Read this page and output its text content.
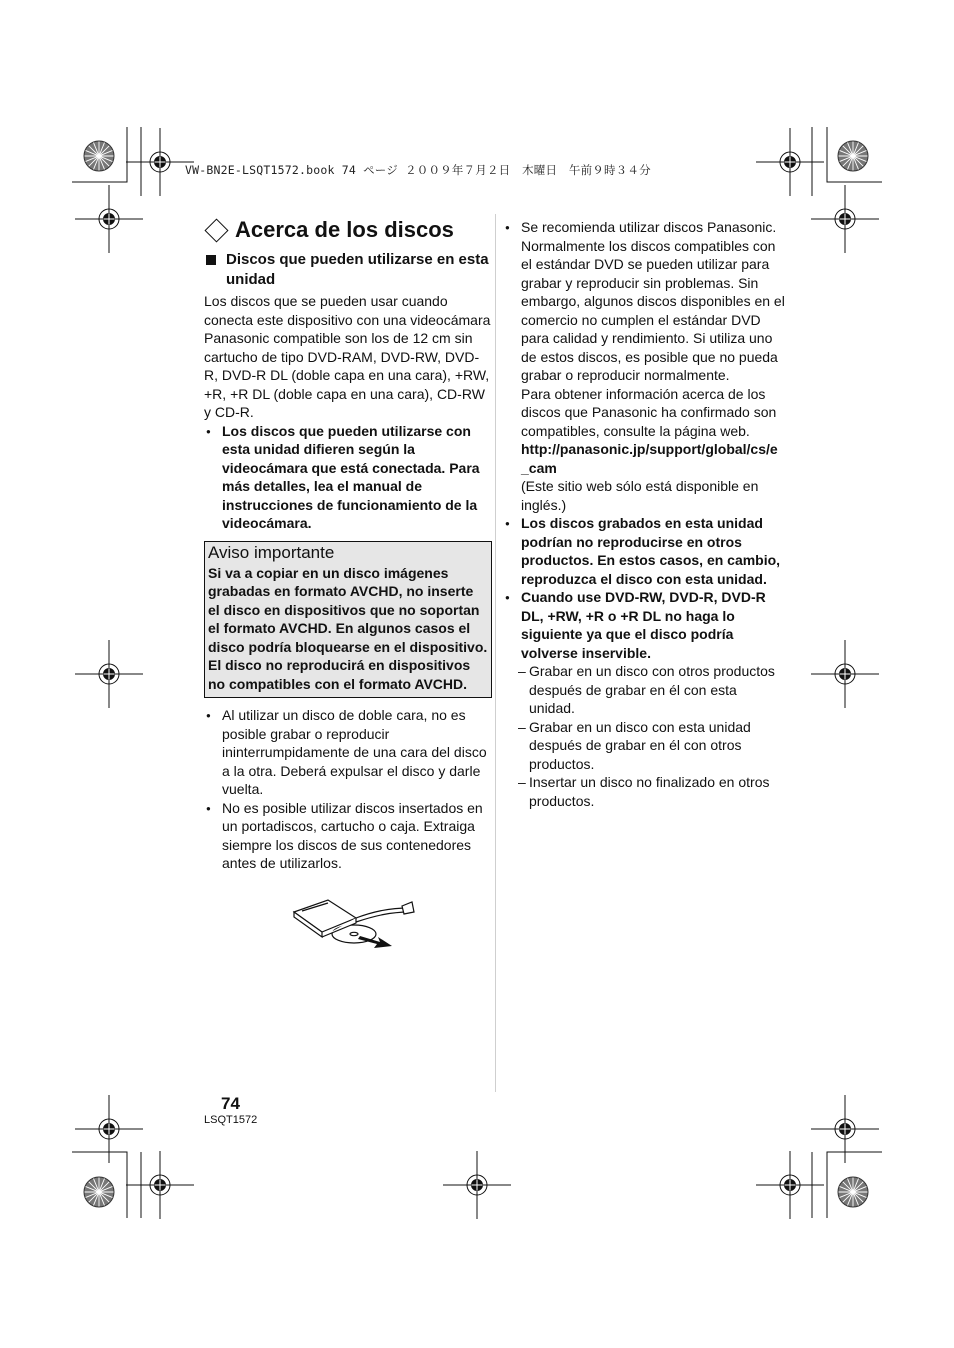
VW-BN2E-LSQT1572.book 74 ページ ２００９年７月２日　木曜日　午前９時３４分
Acerca de los discos
Discos que pueden utilizarse en esta unidad

Los discos que se pueden usar cuando conecta este dispositivo con una videocámara Panasonic compatible son los de 12 cm sin cartucho de tipo DVD-RAM, DVD-RW, DVD-R, DVD-R DL (doble capa en una cara), +RW, +R, +R DL (doble capa en una cara), CD-RW y CD-R.

●
Los discos que pueden utilizarse con esta unidad difieren según la videocámara que está conectada. Para más detalles, lea el manual de instrucciones de funcionamiento de la videocámara.
Aviso importante
Si va a copiar en un disco imágenes grabadas en formato AVCHD, no inserte el disco en dispositivos que no soportan el formato AVCHD. En algunos casos el disco podría bloquearse en el dispositivo. El disco no reproducirá en dispositivos no compatibles con el formato AVCHD.
●
Al utilizar un disco de doble cara, no es posible grabar o reproducir ininterrumpidamente de una cara del disco a la otra. Deberá expulsar el disco y darle vuelta.
●
No es posible utilizar discos insertados en un portadiscos, cartucho o caja. Extraiga siempre los discos de sus contenedores antes de utilizarlos.
●

Se recomienda utilizar discos Panasonic. Normalmente los discos compatibles con el estándar DVD se pueden utilizar para grabar y reproducir sin problemas. Sin embargo, algunos discos disponibles en el comercio no cumplen el estándar DVD para calidad y rendimiento. Si utiliza uno de estos discos, es posible que no pueda grabar o reproducir normalmente.

Para obtener información acerca de los discos que Panasonic ha confirmado son compatibles, consulte la página web.

http://panasonic.jp/support/global/cs/e_cam

(Este sitio web sólo está disponible en inglés.)

●
Los discos grabados en esta unidad podrían no reproducirse en otros productos. En estos casos, en cambio, reproduzca el disco con esta unidad.
●
Cuando use DVD-RW, DVD-R, DVD-R DL, +RW, +R o +R DL no haga lo siguiente ya que el disco podría volverse inservible.
– Grabar en un disco con otros productos después de grabar en él con esta unidad.
– Grabar en un disco con esta unidad después de grabar en él con otros productos.
– Insertar un disco no finalizado en otros productos.
74
LSQT1572
